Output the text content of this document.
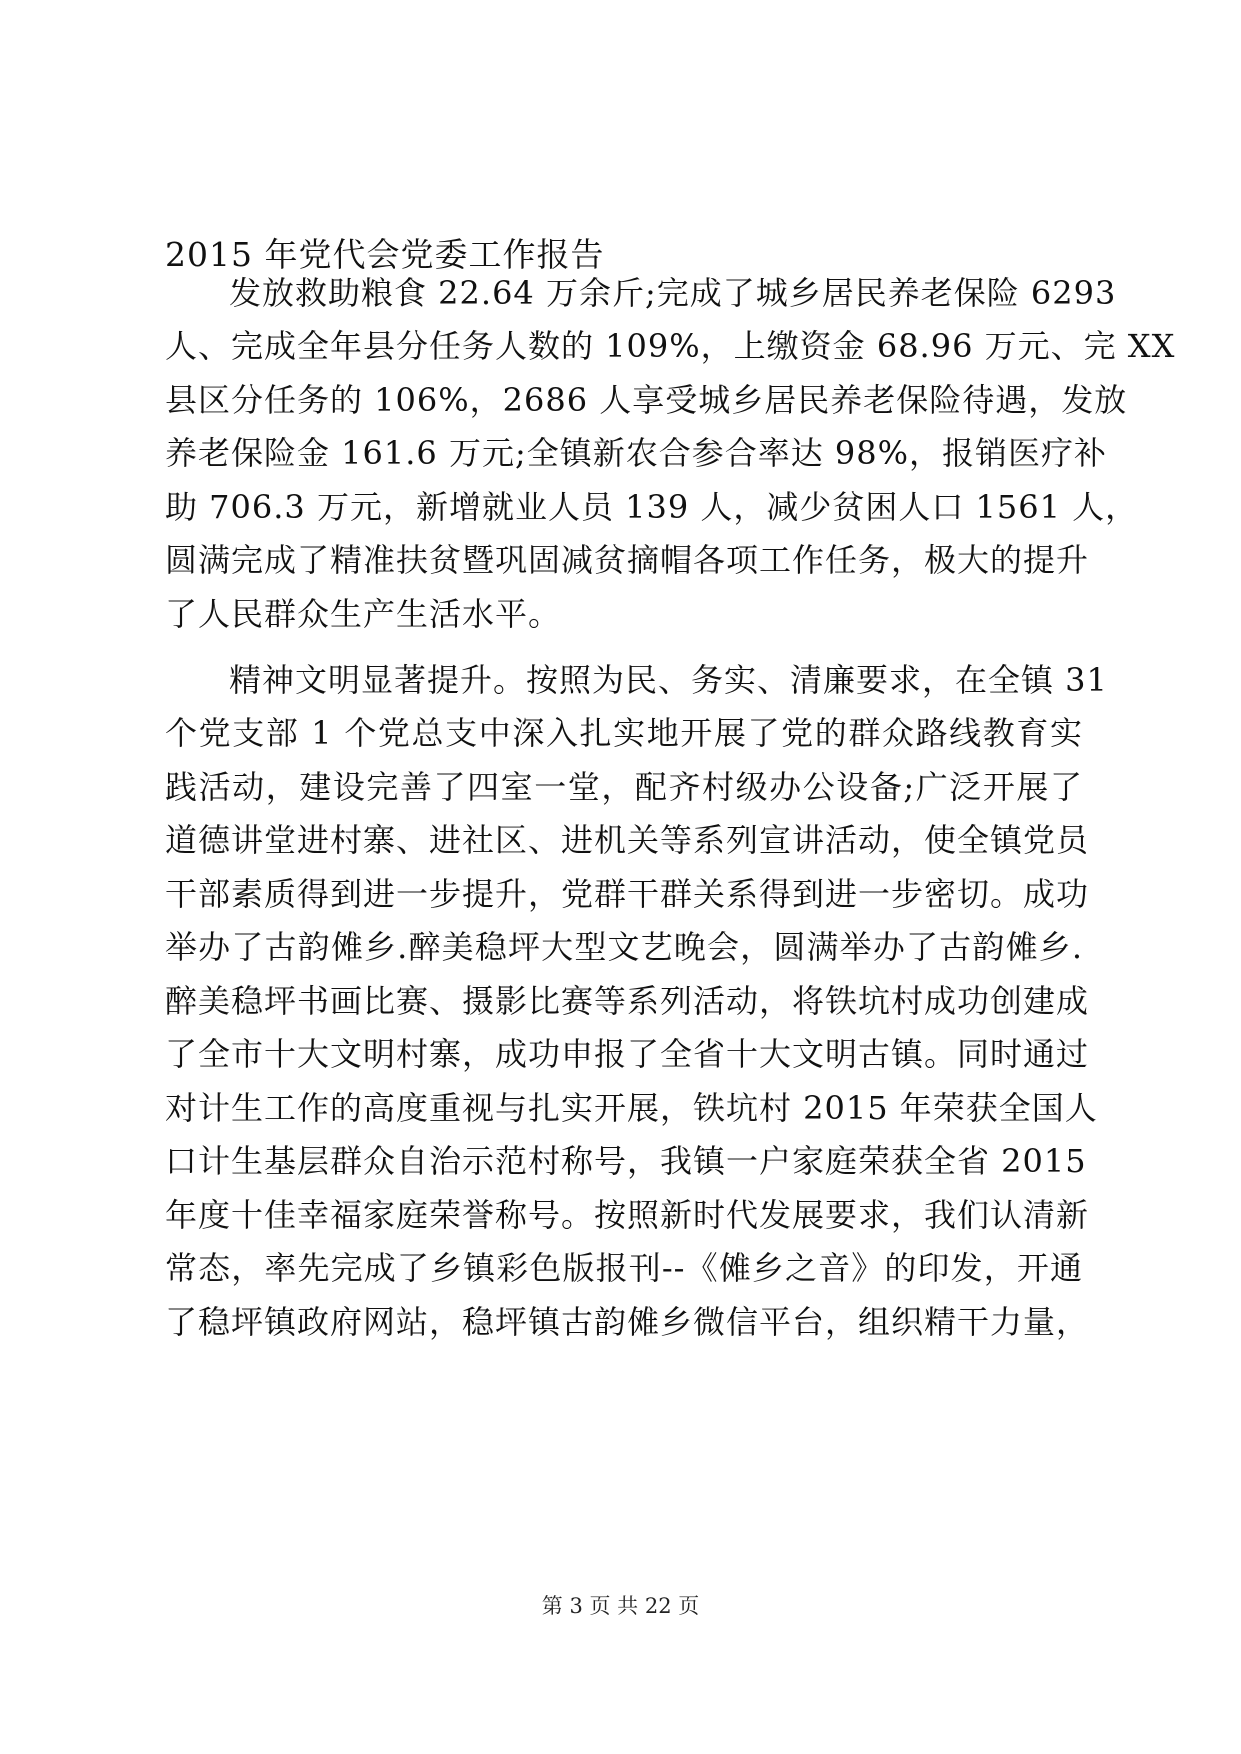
2015 年党代会党委工作报告
发放救助粮食 22.64 万余斤;完成了城乡居民养老保险 6293
人、完成全年县分任务人数的 109%，上缴资金 68.96 万元、完 XX
县区分任务的 106%，2686 人享受城乡居民养老保险待遇，发放
养老保险金 161.6 万元;全镇新农合参合率达 98%，报销医疗补
助 706.3 万元，新增就业人员 139 人，减少贫困人口 1561 人，
圆满完成了精准扶贫暨巩固减贫摘帽各项工作任务，极大的提升
了人民群众生产生活水平。
精神文明显著提升。按照为民、务实、清廉要求，在全镇 31
个党支部 1 个党总支中深入扎实地开展了党的群众路线教育实
践活动，建设完善了四室一堂，配齐村级办公设备;广泛开展了
道德讲堂进村寨、进社区、进机关等系列宣讲活动，使全镇党员
干部素质得到进一步提升，党群干群关系得到进一步密切。成功
举办了古韵傩乡.醉美稳坪大型文艺晚会，圆满举办了古韵傩乡.
醉美稳坪书画比赛、摄影比赛等系列活动，将铁坑村成功创建成
了全市十大文明村寨，成功申报了全省十大文明古镇。同时通过
对计生工作的高度重视与扎实开展，铁坑村 2015 年荣获全国人
口计生基层群众自治示范村称号，我镇一户家庭荣获全省 2015
年度十佳幸福家庭荣誉称号。按照新时代发展要求，我们认清新
常态，率先完成了乡镇彩色版报刊--《傩乡之音》的印发，开通
了稳坪镇政府网站，稳坪镇古韵傩乡微信平台，组织精干力量，
第 3 页 共 22 页
